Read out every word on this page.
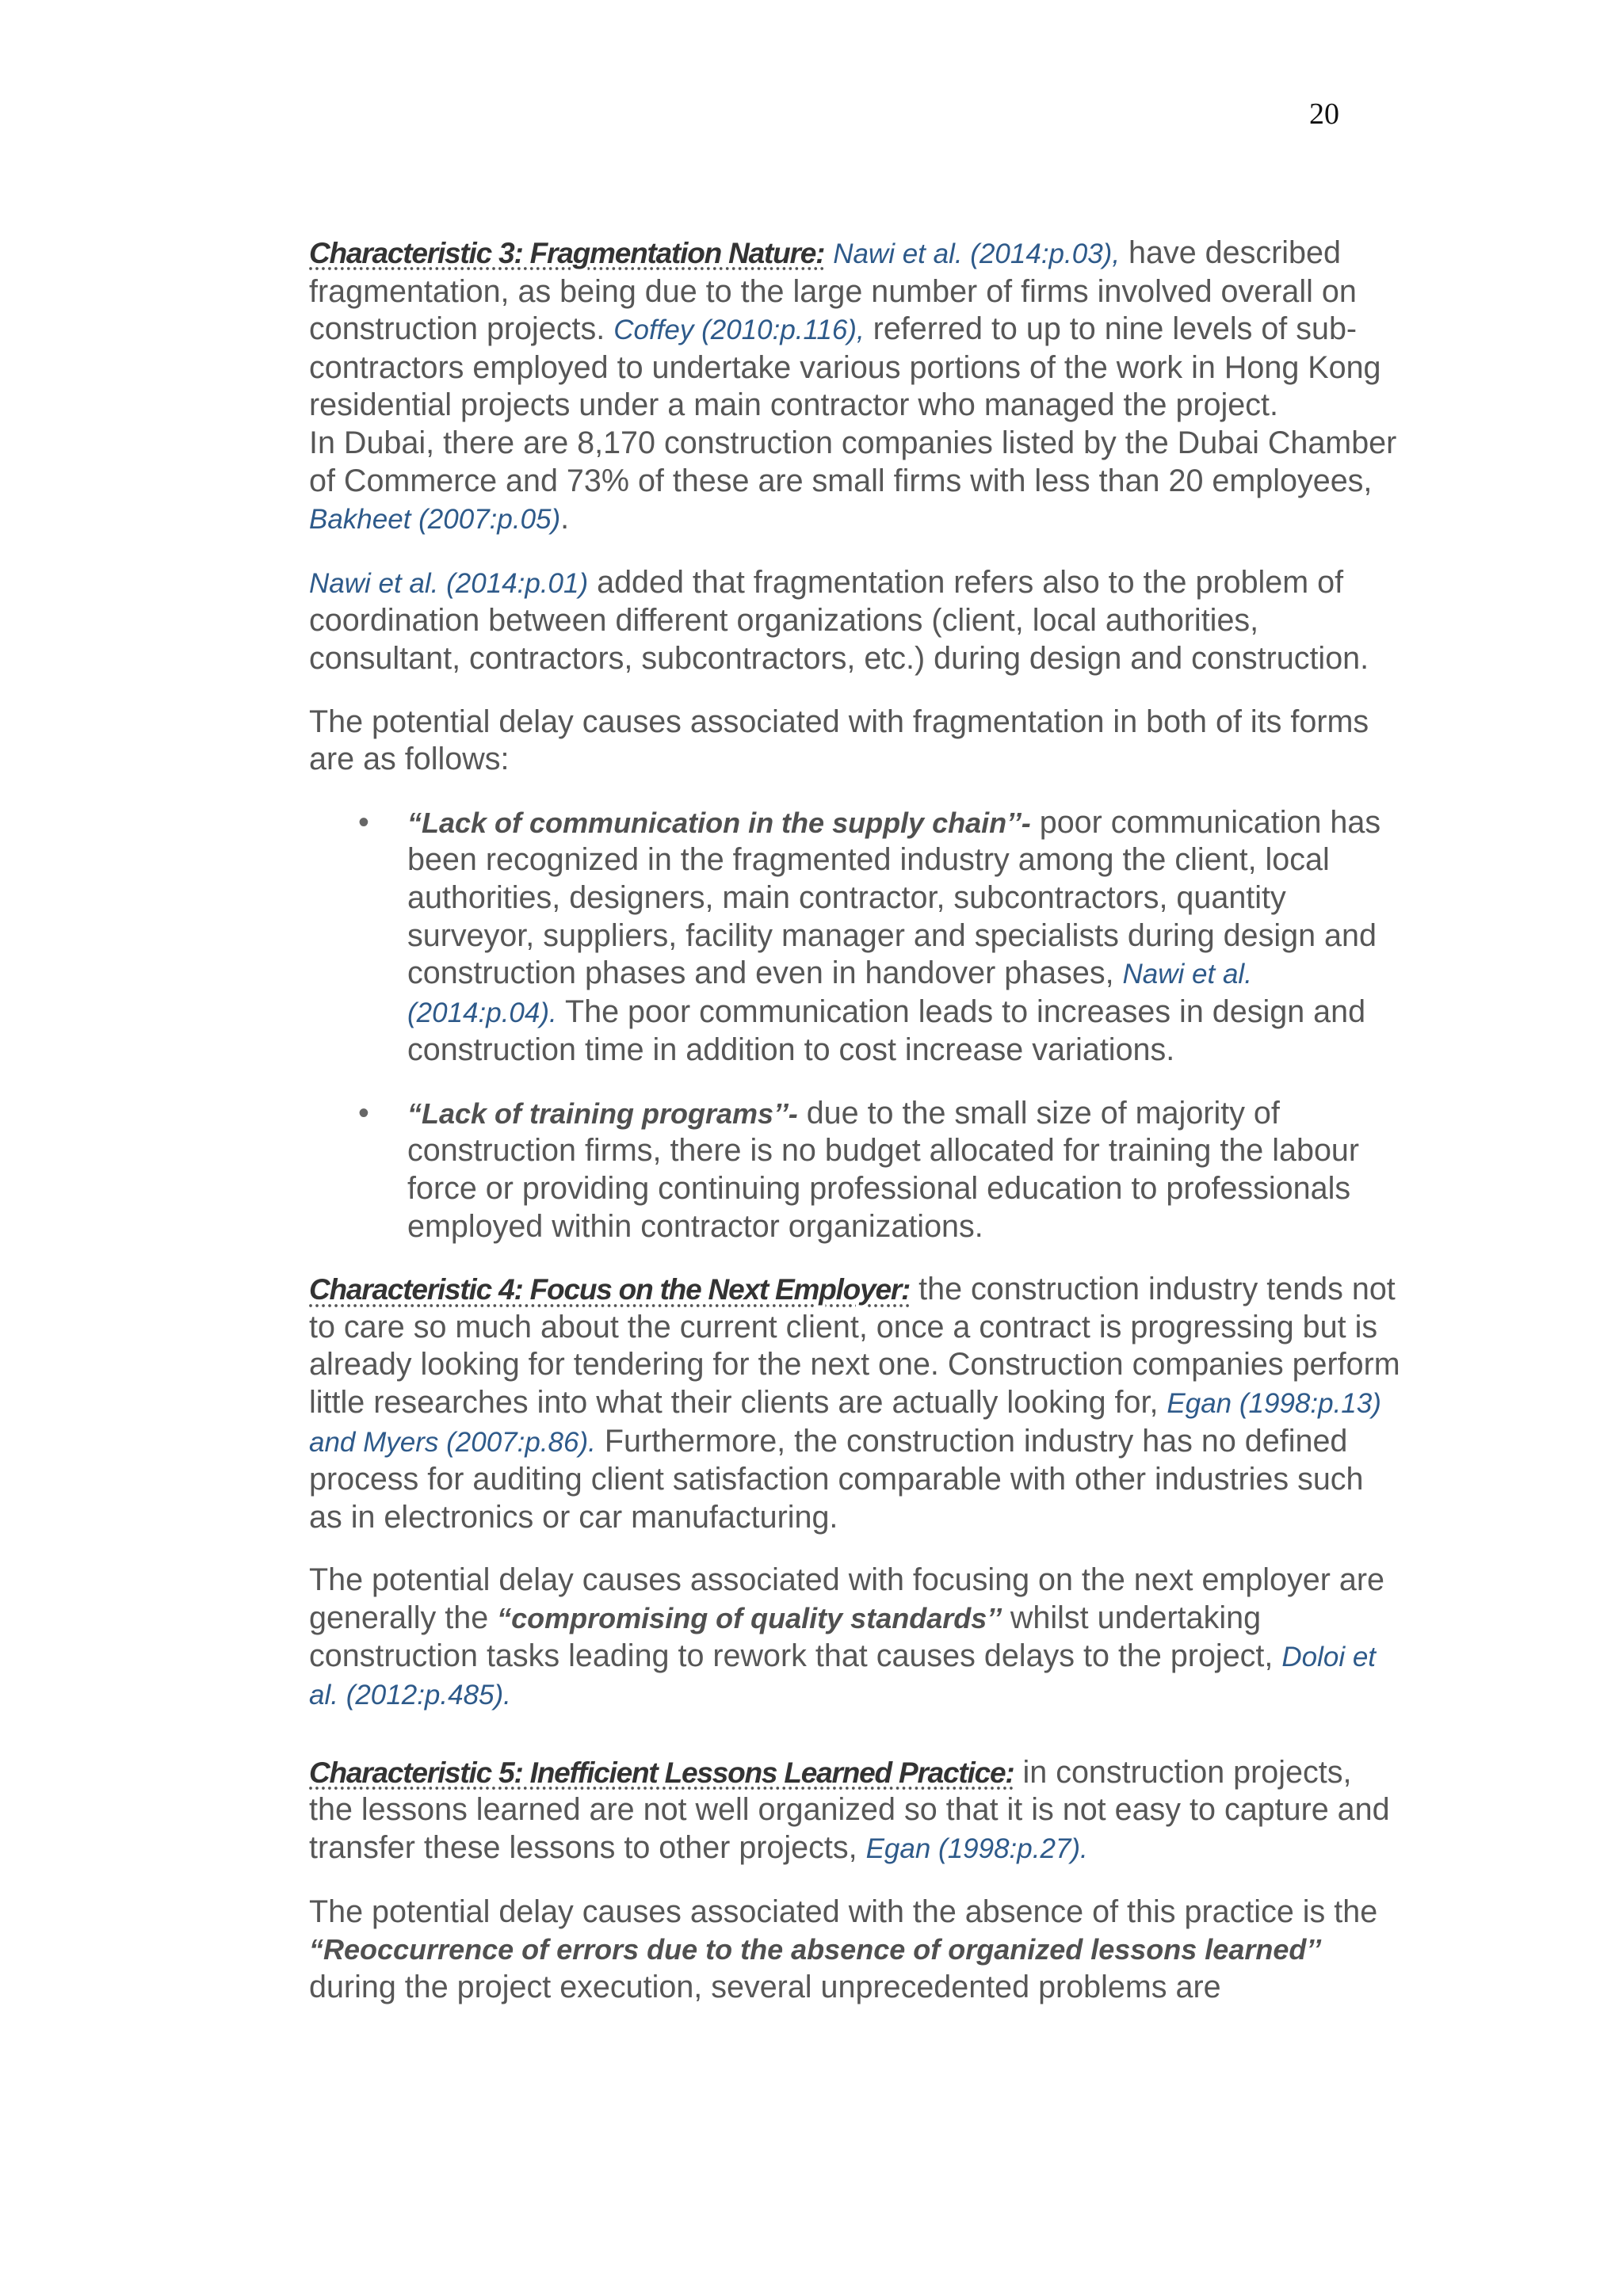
20

Characteristic 3: Fragmentation Nature: Nawi et al. (2014:p.03), have described fragmentation, as being due to the large number of firms involved overall on construction projects. Coffey (2010:p.116), referred to up to nine levels of sub-contractors employed to undertake various portions of the work in Hong Kong residential projects under a main contractor who managed the project.

In Dubai, there are 8,170 construction companies listed by the Dubai Chamber of Commerce and 73% of these are small firms with less than 20 employees, Bakheet (2007:p.05).

Nawi et al. (2014:p.01) added that fragmentation refers also to the problem of coordination between different organizations (client, local authorities, consultant, contractors, subcontractors, etc.) during design and construction.

The potential delay causes associated with fragmentation in both of its forms are as follows:

• “Lack of communication in the supply chain’’- poor communication has been recognized in the fragmented industry among the client, local authorities, designers, main contractor, subcontractors, quantity surveyor, suppliers, facility manager and specialists during design and construction phases and even in handover phases, Nawi et al. (2014:p.04). The poor communication leads to increases in design and construction time in addition to cost increase variations.
• “Lack of training programs’’- due to the small size of majority of construction firms, there is no budget allocated for training the labour force or providing continuing professional education to professionals employed within contractor organizations.

Characteristic 4: Focus on the Next Employer: the construction industry tends not to care so much about the current client, once a contract is progressing but is already looking for tendering for the next one. Construction companies perform little researches into what their clients are actually looking for, Egan (1998:p.13) and Myers (2007:p.86). Furthermore, the construction industry has no defined process for auditing client satisfaction comparable with other industries such as in electronics or car manufacturing.

The potential delay causes associated with focusing on the next employer are generally the “compromising of quality standards’’ whilst undertaking construction tasks leading to rework that causes delays to the project, Doloi et al. (2012:p.485).

Characteristic 5: Inefficient Lessons Learned Practice: in construction projects, the lessons learned are not well organized so that it is not easy to capture and transfer these lessons to other projects, Egan (1998:p.27).

The potential delay causes associated with the absence of this practice is the “Reoccurrence of errors due to the absence of organized lessons learned’’ during the project execution, several unprecedented problems are
